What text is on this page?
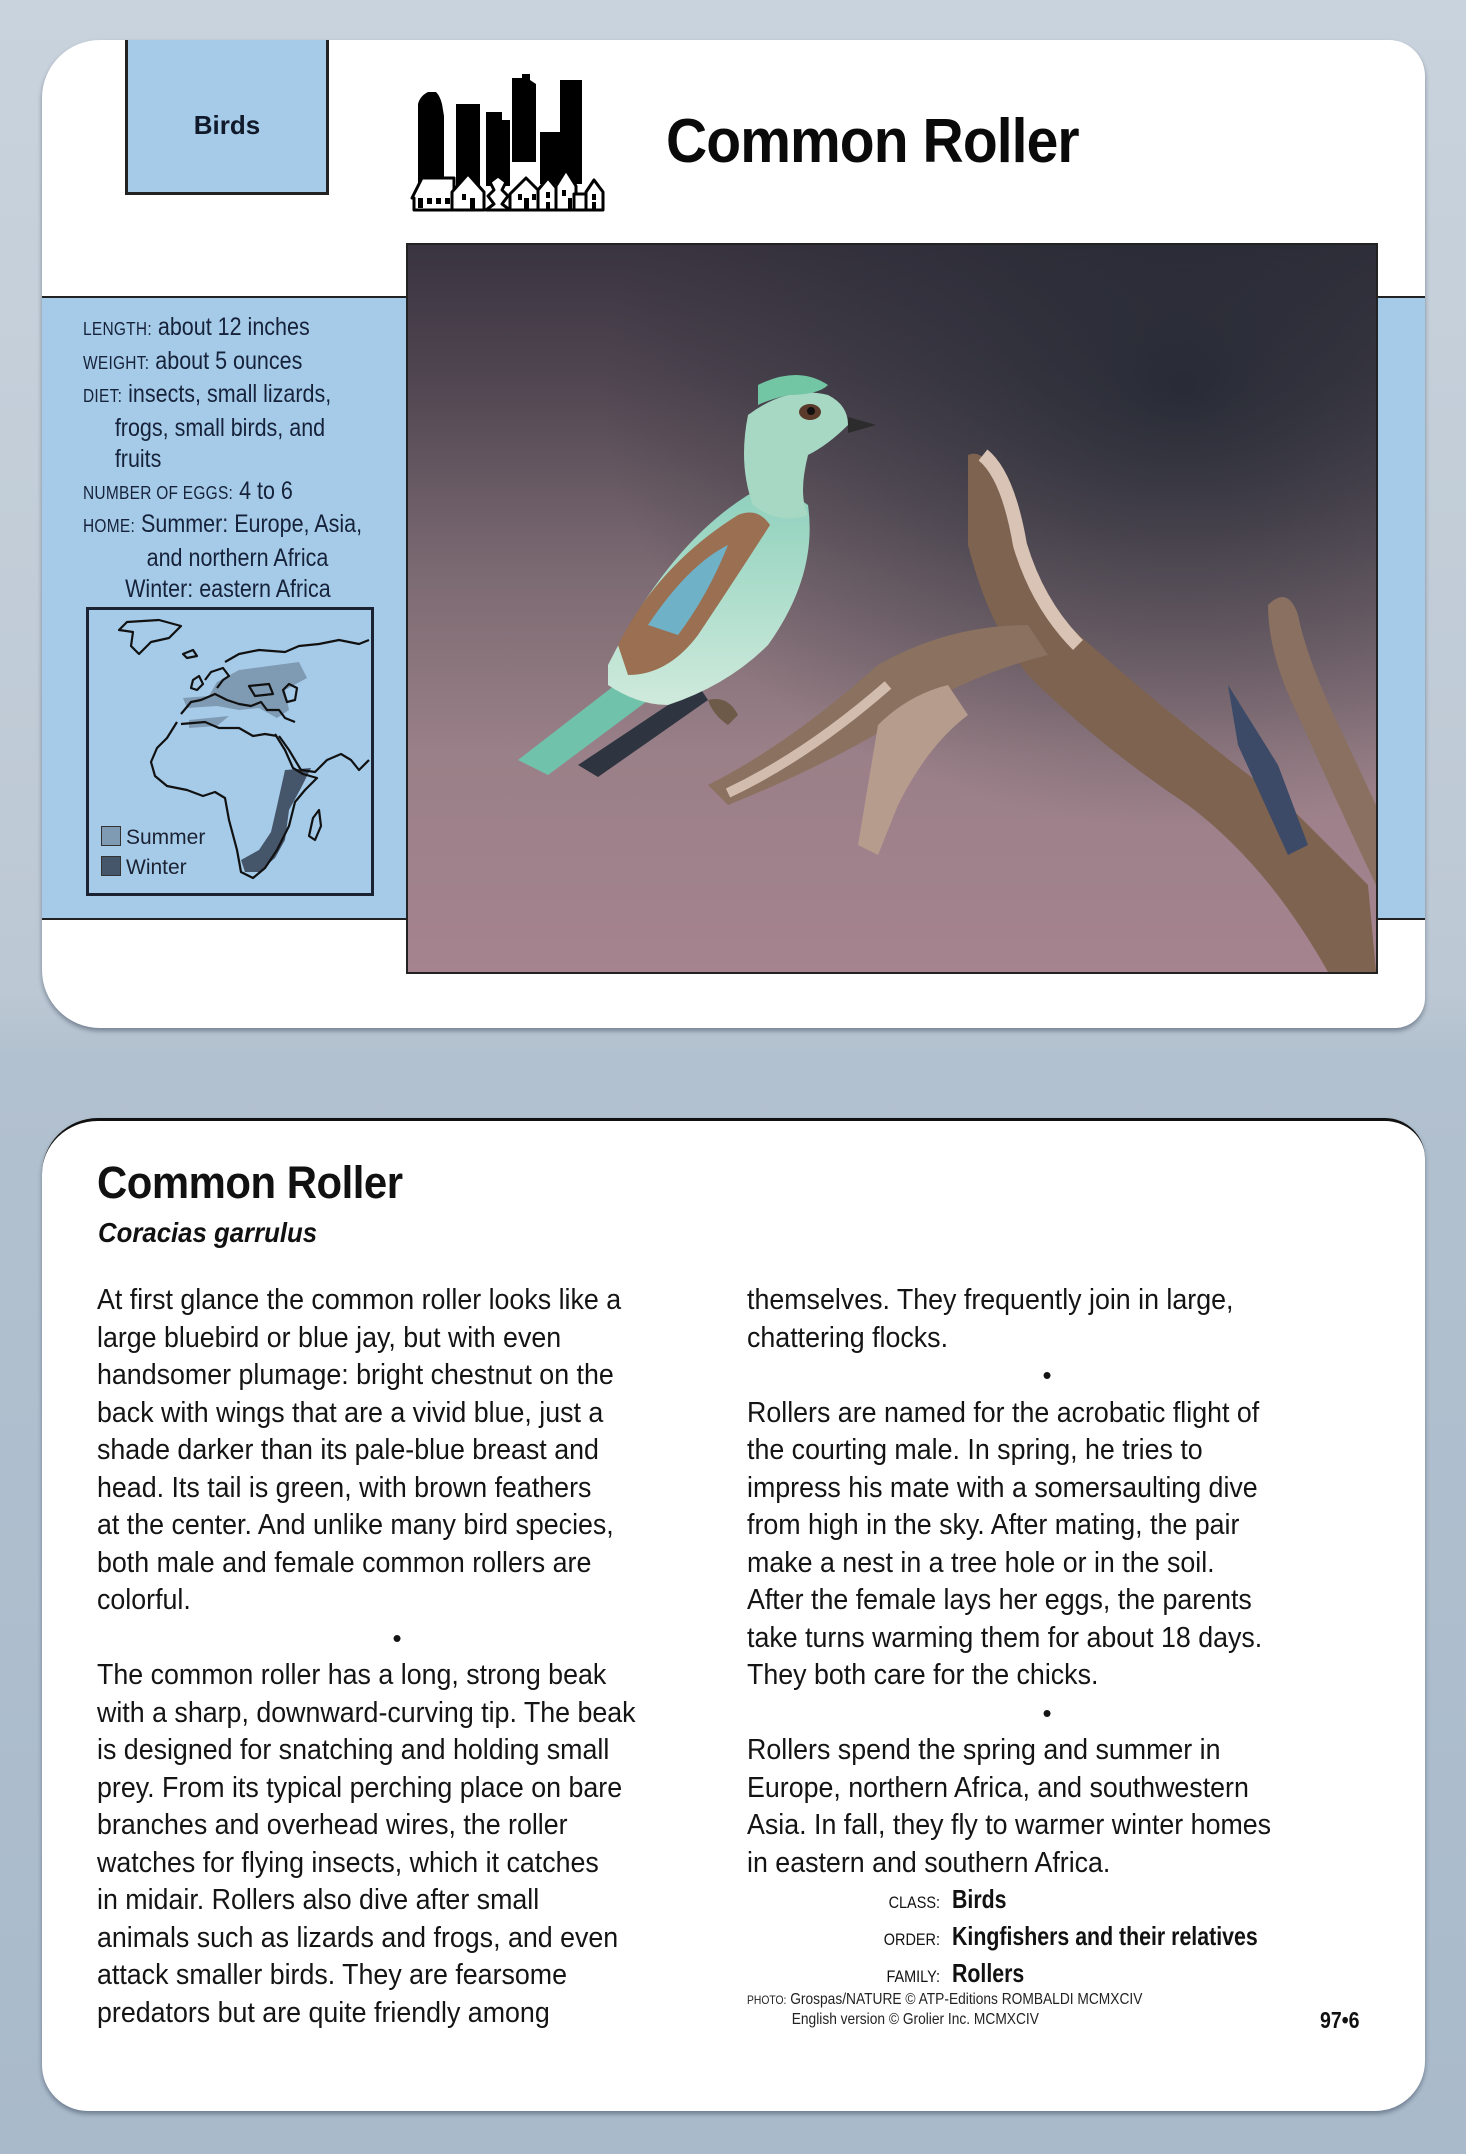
Birds	Common Roller
LENGTH: about 12 inches
WEIGHT: about 5 ounces
DIET: insects, small lizards,
frogs, small birds, and
fruits
NUMBER OF EGGS: 4 to 6
HOME: Summer: Europe, Asia,
and northern Africa
Winter: eastern Africa
Summer
Winter
Common Roller
Coracias garrulus

At first glance the common roller looks like a
large bluebird or blue jay, but with even
handsomer plumage: bright chestnut on the
back with wings that are a vivid blue, just a
shade darker than its pale-blue breast and
head. Its tail is green, with brown feathers
at the center. And unlike many bird species,
both male and female common rollers are
colorful.

•

The common roller has a long, strong beak
with a sharp, downward-curving tip. The beak
is designed for snatching and holding small
prey. From its typical perching place on bare
branches and overhead wires, the roller
watches for flying insects, which it catches
in midair. Rollers also dive after small
animals such as lizards and frogs, and even
attack smaller birds. They are fearsome
predators but are quite friendly among

themselves. They frequently join in large,
chattering flocks.

•

Rollers are named for the acrobatic flight of
the courting male. In spring, he tries to
impress his mate with a somersaulting dive
from high in the sky. After mating, the pair
make a nest in a tree hole or in the soil.
After the female lays her eggs, the parents
take turns warming them for about 18 days.
They both care for the chicks.

•

Rollers spend the spring and summer in
Europe, northern Africa, and southwestern
Asia. In fall, they fly to warmer winter homes
in eastern and southern Africa.

CLASS: Birds
ORDER: Kingfishers and their relatives
FAMILY: Rollers
PHOTO: Grospas/NATURE © ATP-Editions ROMBALDI MCMXCIV
English version © Grolier Inc. MCMXCIV	97•6
